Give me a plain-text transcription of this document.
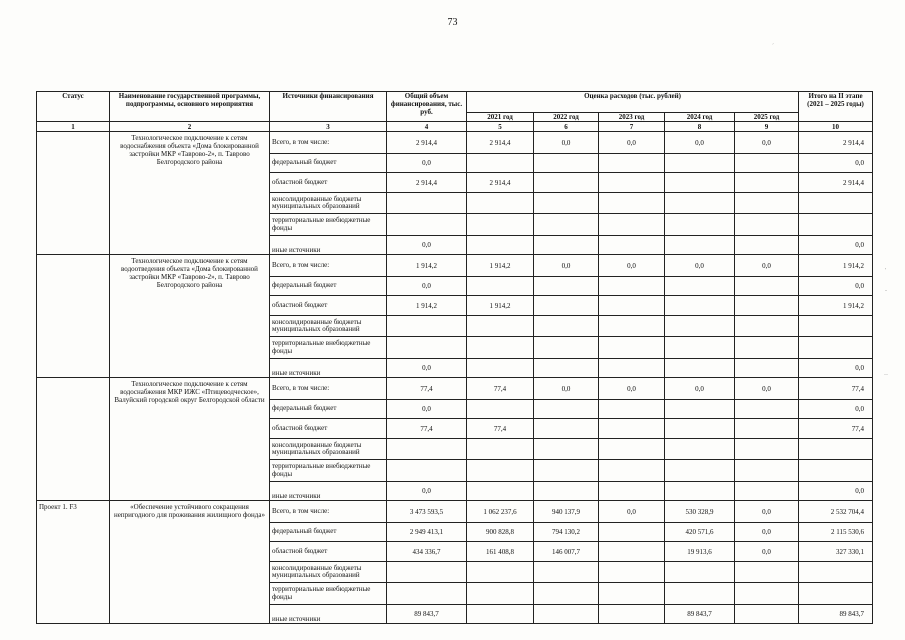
73
´
'
-
‥
Статус	Наименование государственной программы, подпрограммы, основного мероприятия	Источники финансирования	Общий объем финансирования, тыс. руб.	Оценка расходов (тыс. рублей)					Итого на II этапе (2021 – 2025 годы)
				2021 год	2022 год	2023 год	2024 год	2025 год	
1	2	3	4	5	6	7	8	9	10
	Технологическое подключение к сетям водоснабжения объекта «Дома блокированной застройки МКР «Таврово-2», п. Таврово Белгородского района	Всего, в том числе:	2 914,4	2 914,4	0,0	0,0	0,0	0,0	2 914,4
		федеральный бюджет	0,0						0,0
		областной бюджет	2 914,4	2 914,4					2 914,4
		консолидированные бюджеты муниципальных образований							
		территориальные внебюджетные фонды							
		иные источники	0,0						0,0
	Технологическое подключение к сетям водоотведения объекта «Дома блокированной застройки МКР «Таврово-2», п. Таврово Белгородского района	Всего, в том числе:	1 914,2	1 914,2	0,0	0,0	0,0	0,0	1 914,2
		федеральный бюджет	0,0						0,0
		областной бюджет	1 914,2	1 914,2					1 914,2
		консолидированные бюджеты муниципальных образований							
		территориальные внебюджетные фонды							
		иные источники	0,0						0,0
	Технологическое подключение к сетям водоснабжения МКР ИЖС «Птицеводческое», Валуйский городской округ Белгородской области	Всего, в том числе:	77,4	77,4	0,0	0,0	0,0	0,0	77,4
		федеральный бюджет	0,0						0,0
		областной бюджет	77,4	77,4					77,4
		консолидированные бюджеты муниципальных образований							
		территориальные внебюджетные фонды							
		иные источники	0,0						0,0
Проект 1. F3	«Обеспечение устойчивого сокращения непригодного для проживания жилищного фонда»	Всего, в том числе:	3 473 593,5	1 062 237,6	940 137,9	0,0	530 328,9	0,0	2 532 704,4
		федеральный бюджет	2 949 413,1	900 828,8	794 130,2		420 571,6	0,0	2 115 530,6
		областной бюджет	434 336,7	161 408,8	146 007,7		19 913,6	0,0	327 330,1
		консолидированные бюджеты муниципальных образований							
		территориальные внебюджетные фонды							
		иные источники	89 843,7				89 843,7		89 843,7
